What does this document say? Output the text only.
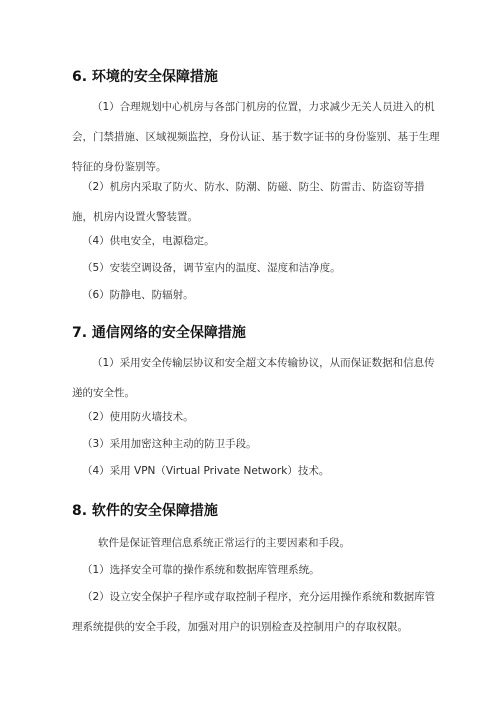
6. 环境的安全保障措施

（1）合理规划中心机房与各部门机房的位置，力求减少无关人员进入的机会，门禁措施、区域视频监控，身份认证、基于数字证书的身份鉴别、基于生理特征的身份鉴别等。

（2）机房内采取了防火、防水、防潮、防磁、防尘、防雷击、防盗窃等措施，机房内设置火警装置。

（4）供电安全，电源稳定。

（5）安装空调设备，调节室内的温度、湿度和洁净度。

（6）防静电、防辐射。

7. 通信网络的安全保障措施

（1）采用安全传输层协议和安全超文本传输协议，从而保证数据和信息传递的安全性。

（2）使用防火墙技术。

（3）采用加密这种主动的防卫手段。

（4）采用 VPN（Virtual Private Network）技术。

8. 软件的安全保障措施

软件是保证管理信息系统正常运行的主要因素和手段。

（1）选择安全可靠的操作系统和数据库管理系统。

（2）设立安全保护子程序或存取控制子程序，充分运用操作系统和数据库管理系统提供的安全手段，加强对用户的识别检查及控制用户的存取权限。
